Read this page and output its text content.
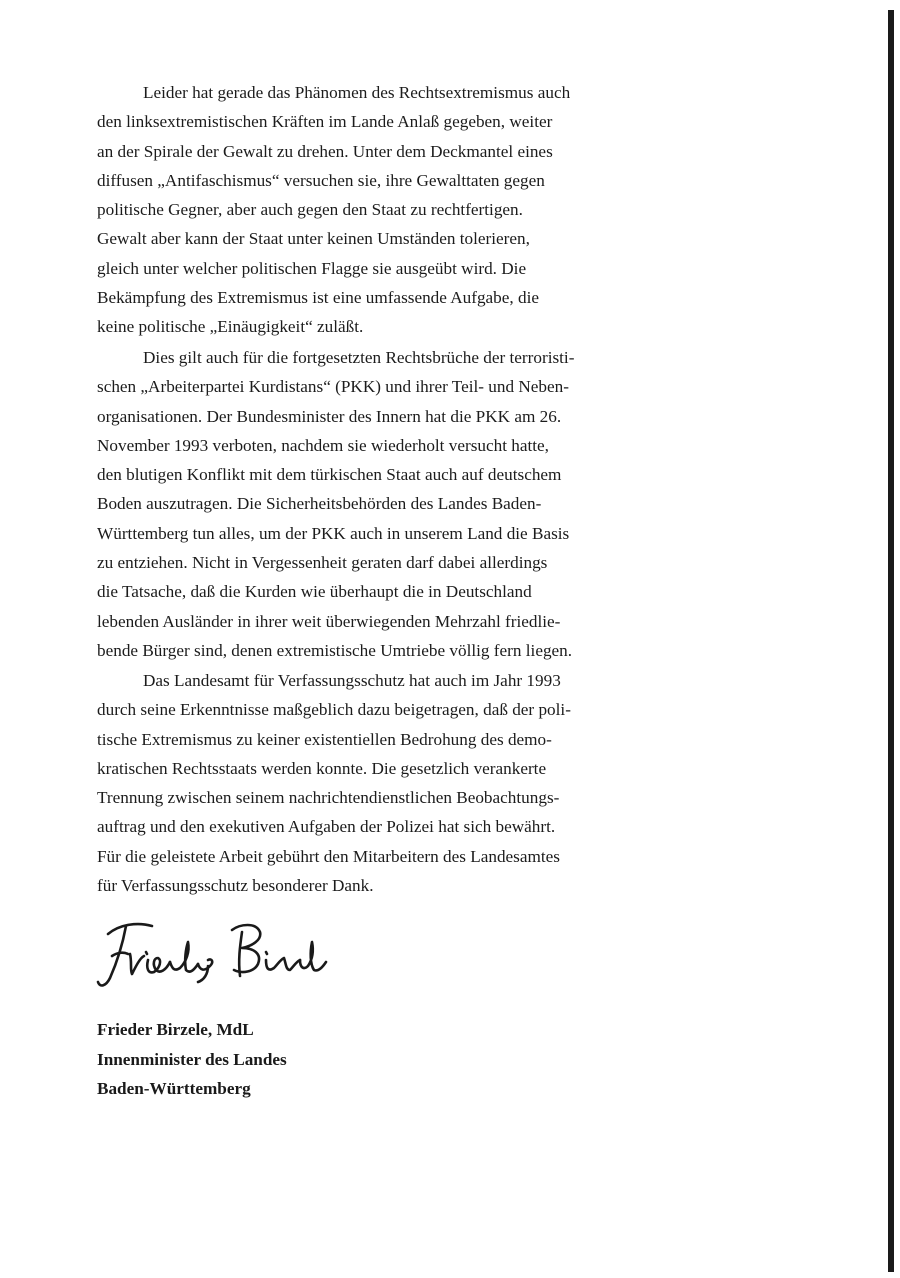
Leider hat gerade das Phänomen des Rechtsextremismus auch
den linksextremistischen Kräften im Lande Anlaß gegeben, weiter
an der Spirale der Gewalt zu drehen. Unter dem Deckmantel eines
diffusen „Antifaschismus“ versuchen sie, ihre Gewalttaten gegen
politische Gegner, aber auch gegen den Staat zu rechtfertigen.
Gewalt aber kann der Staat unter keinen Umständen tolerieren,
gleich unter welcher politischen Flagge sie ausgeübt wird. Die
Bekämpfung des Extremismus ist eine umfassende Aufgabe, die
keine politische „Einäugigkeit“ zuläßt.
Dies gilt auch für die fortgesetzten Rechtsbrüche der terroristi-
schen „Arbeiterpartei Kurdistans“ (PKK) und ihrer Teil- und Neben-
organisationen. Der Bundesminister des Innern hat die PKK am 26.
November 1993 verboten, nachdem sie wiederholt versucht hatte,
den blutigen Konflikt mit dem türkischen Staat auch auf deutschem
Boden auszutragen. Die Sicherheitsbehörden des Landes Baden-
Württemberg tun alles, um der PKK auch in unserem Land die Basis
zu entziehen. Nicht in Vergessenheit geraten darf dabei allerdings
die Tatsache, daß die Kurden wie überhaupt die in Deutschland
lebenden Ausländer in ihrer weit überwiegenden Mehrzahl friedlie-
bende Bürger sind, denen extremistische Umtriebe völlig fern liegen.
Das Landesamt für Verfassungsschutz hat auch im Jahr 1993
durch seine Erkenntnisse maßgeblich dazu beigetragen, daß der poli-
tische Extremismus zu keiner existentiellen Bedrohung des demo-
kratischen Rechtsstaats werden konnte. Die gesetzlich verankerte
Trennung zwischen seinem nachrichtendienstlichen Beobachtungs-
auftrag und den exekutiven Aufgaben der Polizei hat sich bewährt.
Für die geleistete Arbeit gebührt den Mitarbeitern des Landesamtes
für Verfassungsschutz besonderer Dank.
Frieder Birzele, MdL
Innenminister des Landes
Baden-Württemberg
